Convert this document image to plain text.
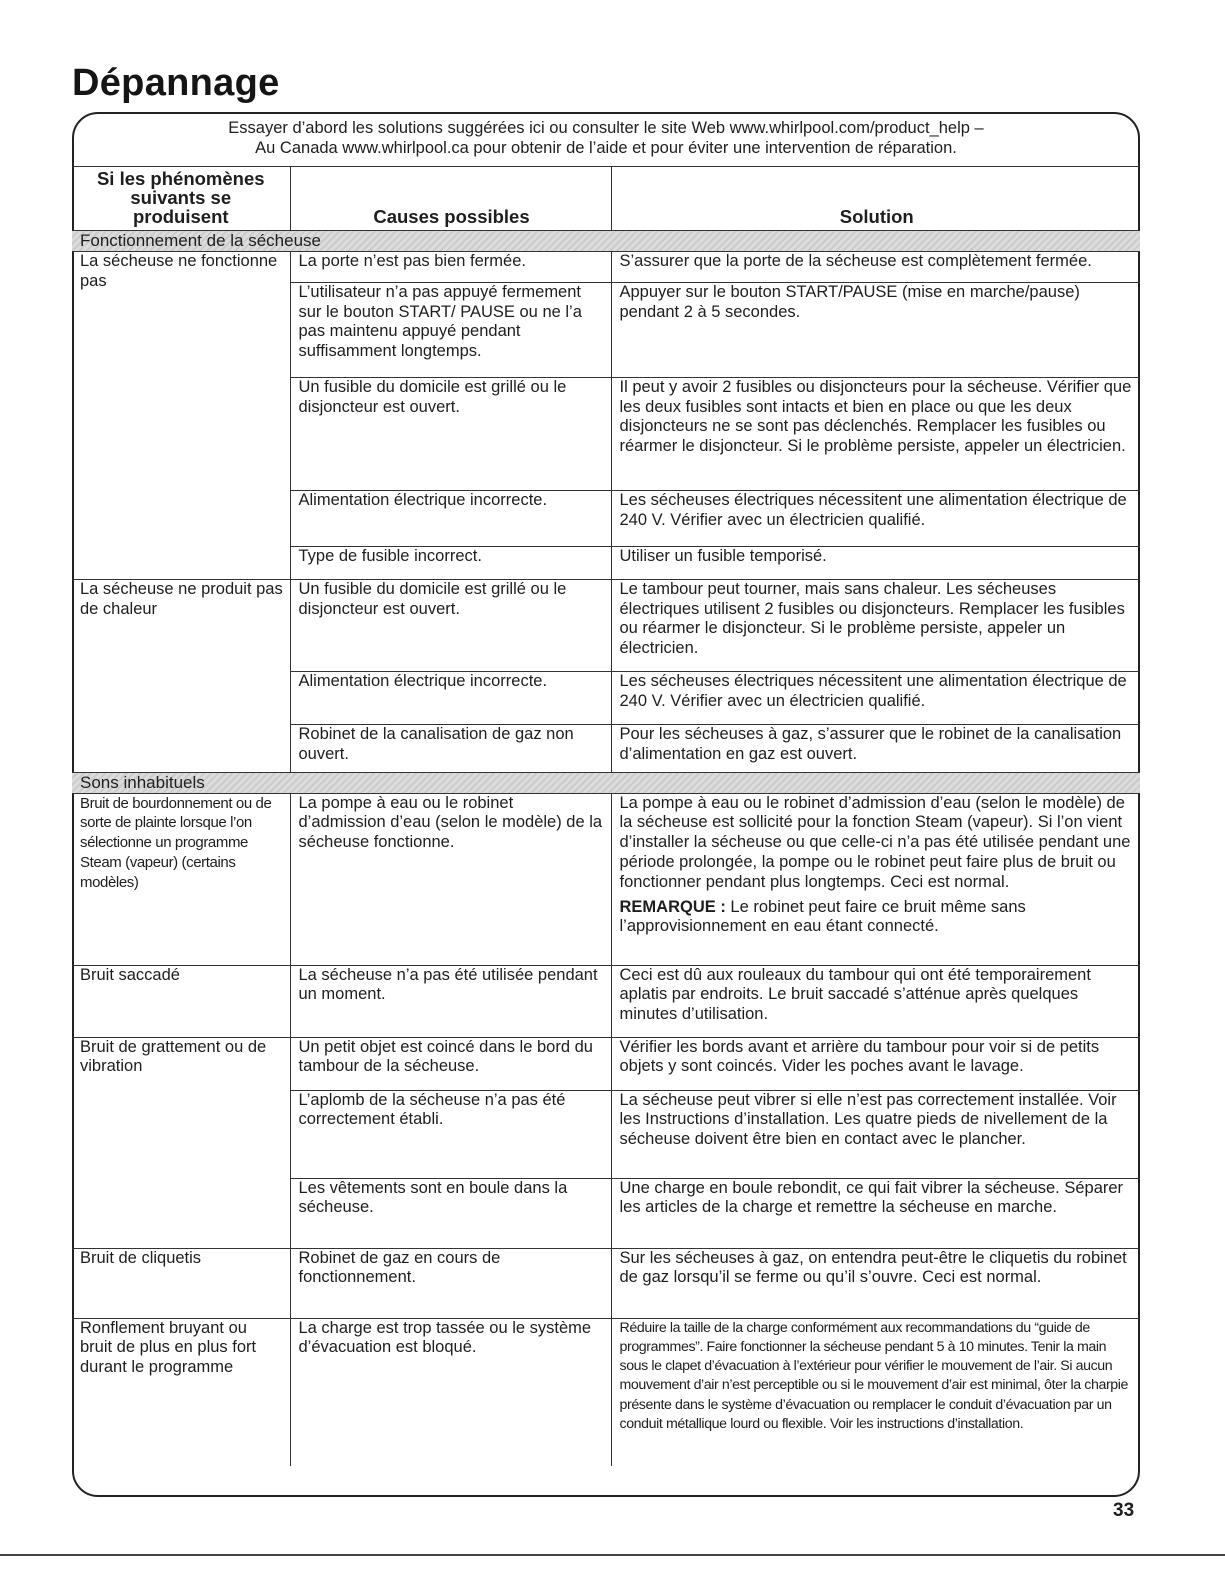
Dépannage
Essayer d’abord les solutions suggérées ici ou consulter le site Web www.whirlpool.com/product_help –
Au Canada www.whirlpool.ca pour obtenir de l’aide et pour éviter une intervention de réparation.
Si les phénomènes suivants se produisent	Causes possibles	Solution
Fonctionnement de la sécheuse		
La sécheuse ne fonctionne pas	La porte n’est pas bien fermée.	S’assurer que la porte de la sécheuse est complètement fermée.
	L’utilisateur n’a pas appuyé fermement sur le bouton START/ PAUSE ou ne l’a pas maintenu appuyé pendant suffisamment longtemps.	Appuyer sur le bouton START/PAUSE (mise en marche/pause) pendant 2 à 5 secondes.
	Un fusible du domicile est grillé ou le disjoncteur est ouvert.	Il peut y avoir 2 fusibles ou disjoncteurs pour la sécheuse. Vérifier que les deux fusibles sont intacts et bien en place ou que les deux disjoncteurs ne se sont pas déclenchés. Remplacer les fusibles ou réarmer le disjoncteur. Si le problème persiste, appeler un électricien.
	Alimentation électrique incorrecte.	Les sécheuses électriques nécessitent une alimentation électrique de 240 V. Vérifier avec un électricien qualifié.
	Type de fusible incorrect.	Utiliser un fusible temporisé.
La sécheuse ne produit pas de chaleur	Un fusible du domicile est grillé ou le disjoncteur est ouvert.	Le tambour peut tourner, mais sans chaleur. Les sécheuses électriques utilisent 2 fusibles ou disjoncteurs. Remplacer les fusibles ou réarmer le disjoncteur. Si le problème persiste, appeler un électricien.
	Alimentation électrique incorrecte.	Les sécheuses électriques nécessitent une alimentation électrique de 240 V. Vérifier avec un électricien qualifié.
	Robinet de la canalisation de gaz non ouvert.	Pour les sécheuses à gaz, s’assurer que le robinet de la canalisation d’alimentation en gaz est ouvert.
Sons inhabituels		
Bruit de bourdonnement ou de sorte de plainte lorsque l’on sélectionne un programme Steam (vapeur) (certains modèles)	La pompe à eau ou le robinet d’admission d’eau (selon le modèle) de la sécheuse fonctionne.	La pompe à eau ou le robinet d’admission d’eau (selon le modèle) de la sécheuse est sollicité pour la fonction Steam (vapeur). Si l’on vient d’installer la sécheuse ou que celle-ci n’a pas été utilisée pendant une période prolongée, la pompe ou le robinet peut faire plus de bruit ou fonctionner pendant plus longtemps. Ceci est normal.
REMARQUE : Le robinet peut faire ce bruit même sans l’approvisionnement en eau étant connecté.

Bruit saccadé	La sécheuse n’a pas été utilisée pendant un moment.	Ceci est dû aux rouleaux du tambour qui ont été temporairement aplatis par endroits. Le bruit saccadé s’atténue après quelques minutes d’utilisation.
Bruit de grattement ou de vibration	Un petit objet est coincé dans le bord du tambour de la sécheuse.	Vérifier les bords avant et arrière du tambour pour voir si de petits objets y sont coincés. Vider les poches avant le lavage.
	L’aplomb de la sécheuse n’a pas été correctement établi.	La sécheuse peut vibrer si elle n’est pas correctement installée. Voir les Instructions d’installation. Les quatre pieds de nivellement de la sécheuse doivent être bien en contact avec le plancher.
	Les vêtements sont en boule dans la sécheuse.	Une charge en boule rebondit, ce qui fait vibrer la sécheuse. Séparer les articles de la charge et remettre la sécheuse en marche.
Bruit de cliquetis	Robinet de gaz en cours de fonctionnement.	Sur les sécheuses à gaz, on entendra peut-être le cliquetis du robinet de gaz lorsqu’il se ferme ou qu’il s’ouvre. Ceci est normal.
Ronflement bruyant ou bruit de plus en plus fort durant le programme	La charge est trop tassée ou le système d’évacuation est bloqué.	Réduire la taille de la charge conformément aux recommandations du “guide de programmes”. Faire fonctionner la sécheuse pendant 5 à 10 minutes. Tenir la main sous le clapet d’évacuation à l’extérieur pour vérifier le mouvement de l’air. Si aucun mouvement d’air n’est perceptible ou si le mouvement d’air est minimal, ôter la charpie présente dans le système d’évacuation ou remplacer le conduit d’évacuation par un conduit métallique lourd ou flexible. Voir les instructions d’installation.
33
